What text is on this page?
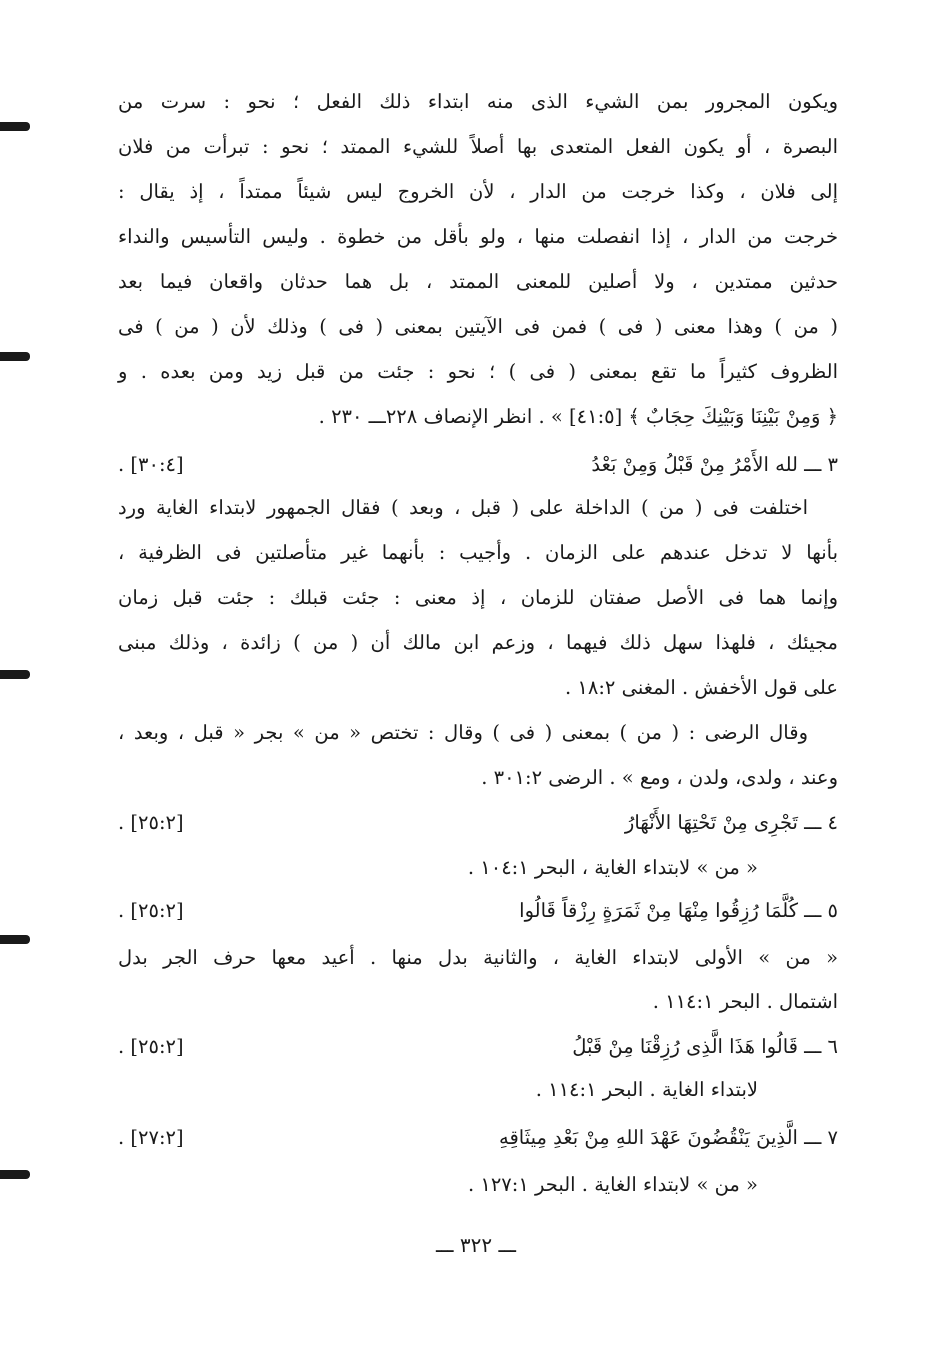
ويكون المجرور بمن الشيء الذى منه ابتداء ذلك الفعل ؛ نحو : سرت من
البصرة ، أو يكون الفعل المتعدى بها أصلاً للشيء الممتد ؛ نحو : تبرأت من فلان
إلى فلان ، وكذا خرجت من الدار ، لأن الخروج ليس شيئاً ممتداً ، إذ يقال :
خرجت من الدار ، إذا انفصلت منها ، ولو بأقل من خطوة . وليس التأسيس والنداء
حدثين ممتدين ، ولا أصلين للمعنى الممتد ، بل هما حدثان واقعان فيما بعد
( من ) وهذا معنى ( فى ) فمن فى الآيتين بمعنى ( فى ) وذلك لأن ( من ) فى
الظروف كثيراً ما تقع بمعنى ( فى ) ؛ نحو : جئت من قبل زيد ومن بعده . و
﴿ وَمِنْ بَيْنِنَا وَبَيْنِكَ حِجَابٌ ﴾ [٤١:٥] » . انظر الإنصاف ٢٢٨ـــ ٢٣٠ .
٣ ـــ لله الأَمْرُ مِنْ قَبْلُ وَمِنْ بَعْدُ
. [٣٠:٤]
اختلفت فى ( من ) الداخلة على ( قبل ، وبعد ) فقال الجمهور لابتداء الغاية ورد
بأنها لا تدخل عندهم على الزمان . وأجيب : بأنهما غير متأصلتين فى الظرفية ،
وإنما هما فى الأصل صفتان للزمان ، إذ معنى : جئت قبلك : جئت قبل زمان
مجيئك ، فلهذا سهل ذلك فيهما ، وزعم ابن مالك أن ( من ) زائدة ، وذلك مبنى
على قول الأخفش . المغنى ١٨:٢ .
وقال الرضى : ( من ) بمعنى ( فى ) وقال : تختص « من » بجر « قبل ، وبعد ،
وعند ، ولدى، ولدن ، ومع » . الرضى ٣٠١:٢ .
٤ ـــ تَجْرِى مِنْ تَحْتِهَا الأَنْهَارُ
. [٢٥:٢]
« من » لابتداء الغاية ، البحر ١٠٤:١ .
٥ ـــ كُلَّمَا رُزِقُوا مِنْهَا مِنْ ثَمَرَةٍ رِزْقاً قَالُوا
. [٢٥:٢]
« من » الأولى لابتداء الغاية ، والثانية بدل منها . أعيد معها حرف الجر بدل
اشتمال . البحر ١١٤:١ .
٦ ـــ قَالُوا هَذَا الَّذِى رُزِقْنَا مِنْ قَبْلُ
. [٢٥:٢]
لابتداء الغاية . البحر ١١٤:١ .
٧ ـــ الَّذِينَ يَنْقُضُونَ عَهْدَ اللهِ مِنْ بَعْدِ مِيثَاقِهِ
. [٢٧:٢]
« من » لابتداء الغاية . البحر ١٢٧:١ .
ـــ ٣٢٢ ـــ
